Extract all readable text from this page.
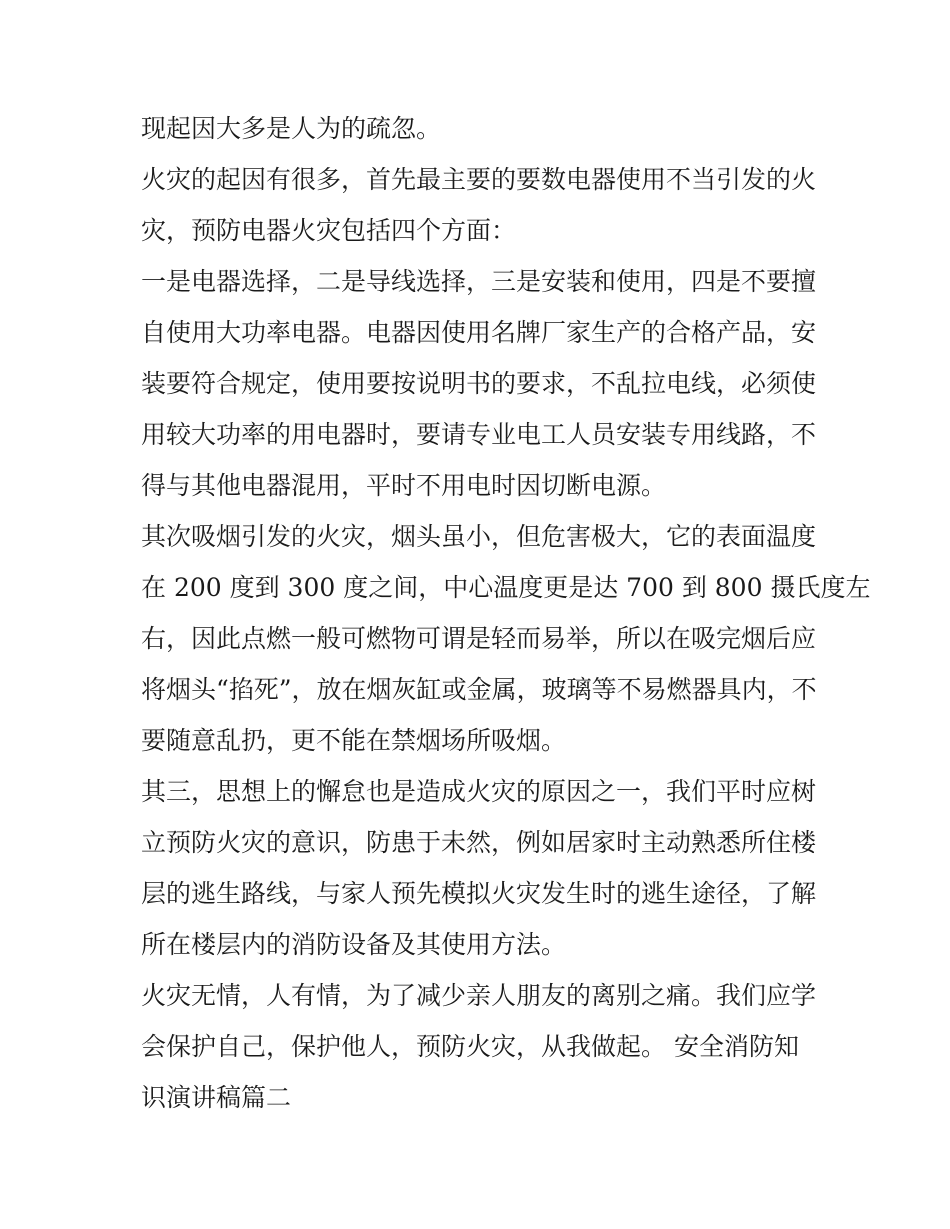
现起因大多是人为的疏忽。
火灾的起因有很多，首先最主要的要数电器使用不当引发的火
灾，预防电器火灾包括四个方面：
一是电器选择，二是导线选择，三是安装和使用，四是不要擅
自使用大功率电器。电器因使用名牌厂家生产的合格产品，安
装要符合规定，使用要按说明书的要求，不乱拉电线，必须使
用较大功率的用电器时，要请专业电工人员安装专用线路，不
得与其他电器混用，平时不用电时因切断电源。
其次吸烟引发的火灾，烟头虽小，但危害极大，它的表面温度
在 200 度到 300 度之间，中心温度更是达 700 到 800 摄氏度左
右，因此点燃一般可燃物可谓是轻而易举，所以在吸完烟后应
将烟头“掐死”，放在烟灰缸或金属，玻璃等不易燃器具内，不
要随意乱扔，更不能在禁烟场所吸烟。
其三，思想上的懈怠也是造成火灾的原因之一，我们平时应树
立预防火灾的意识，防患于未然，例如居家时主动熟悉所住楼
层的逃生路线，与家人预先模拟火灾发生时的逃生途径，了解
所在楼层内的消防设备及其使用方法。
火灾无情，人有情，为了减少亲人朋友的离别之痛。我们应学
会保护自己，保护他人，预防火灾，从我做起。 安全消防知
识演讲稿篇二
